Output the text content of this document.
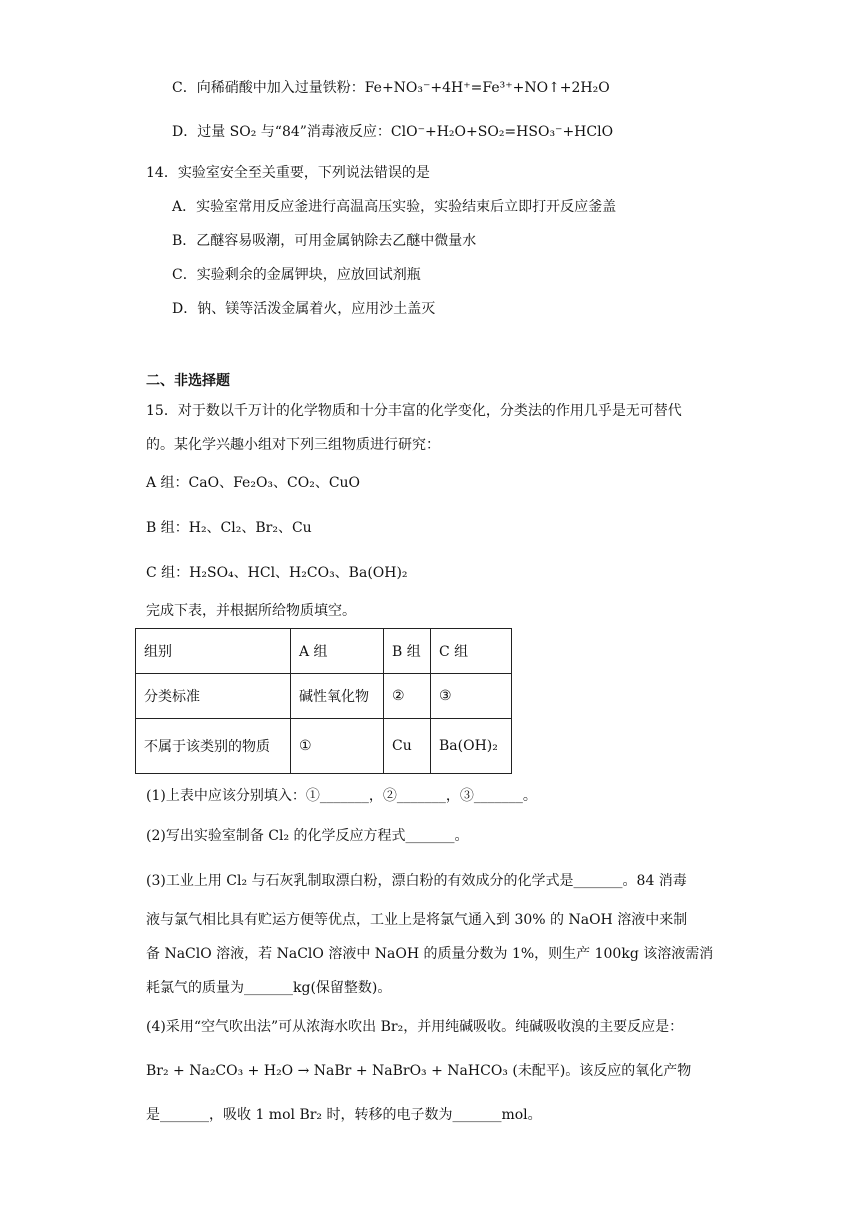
C．向稀硝酸中加入过量铁粉：Fe+NO₃⁻+4H⁺=Fe³⁺+NO↑+2H₂O
D．过量 SO₂ 与“84”消毒液反应：ClO⁻+H₂O+SO₂=HSO₃⁻+HClO
14．实验室安全至关重要，下列说法错误的是
A．实验室常用反应釜进行高温高压实验，实验结束后立即打开反应釜盖
B．乙醚容易吸潮，可用金属钠除去乙醚中微量水
C．实验剩余的金属钾块，应放回试剂瓶
D．钠、镁等活泼金属着火，应用沙土盖灭
二、非选择题
15．对于数以千万计的化学物质和十分丰富的化学变化，分类法的作用几乎是无可替代
的。某化学兴趣小组对下列三组物质进行研究：
A 组：CaO、Fe₂O₃、CO₂、CuO
B 组：H₂、Cl₂、Br₂、Cu
C 组：H₂SO₄、HCl、H₂CO₃、Ba(OH)₂
完成下表，并根据所给物质填空。
组别	A 组	B 组	C 组
分类标准	碱性氧化物	②	③
不属于该类别的物质	①	Cu	Ba(OH)₂
(1)上表中应该分别填入：①_______，②_______，③_______。
(2)写出实验室制备 Cl₂ 的化学反应方程式_______。
(3)工业上用 Cl₂ 与石灰乳制取漂白粉，漂白粉的有效成分的化学式是_______。84 消毒
液与氯气相比具有贮运方便等优点，工业上是将氯气通入到 30% 的 NaOH 溶液中来制
备 NaClO 溶液，若 NaClO 溶液中 NaOH 的质量分数为 1%，则生产 100kg 该溶液需消
耗氯气的质量为_______kg(保留整数)。
(4)采用“空气吹出法”可从浓海水吹出 Br₂，并用纯碱吸收。纯碱吸收溴的主要反应是：
Br₂ + Na₂CO₃ + H₂O → NaBr + NaBrO₃ + NaHCO₃ (未配平)。该反应的氧化产物
是_______，吸收 1 mol Br₂ 时，转移的电子数为_______mol。
